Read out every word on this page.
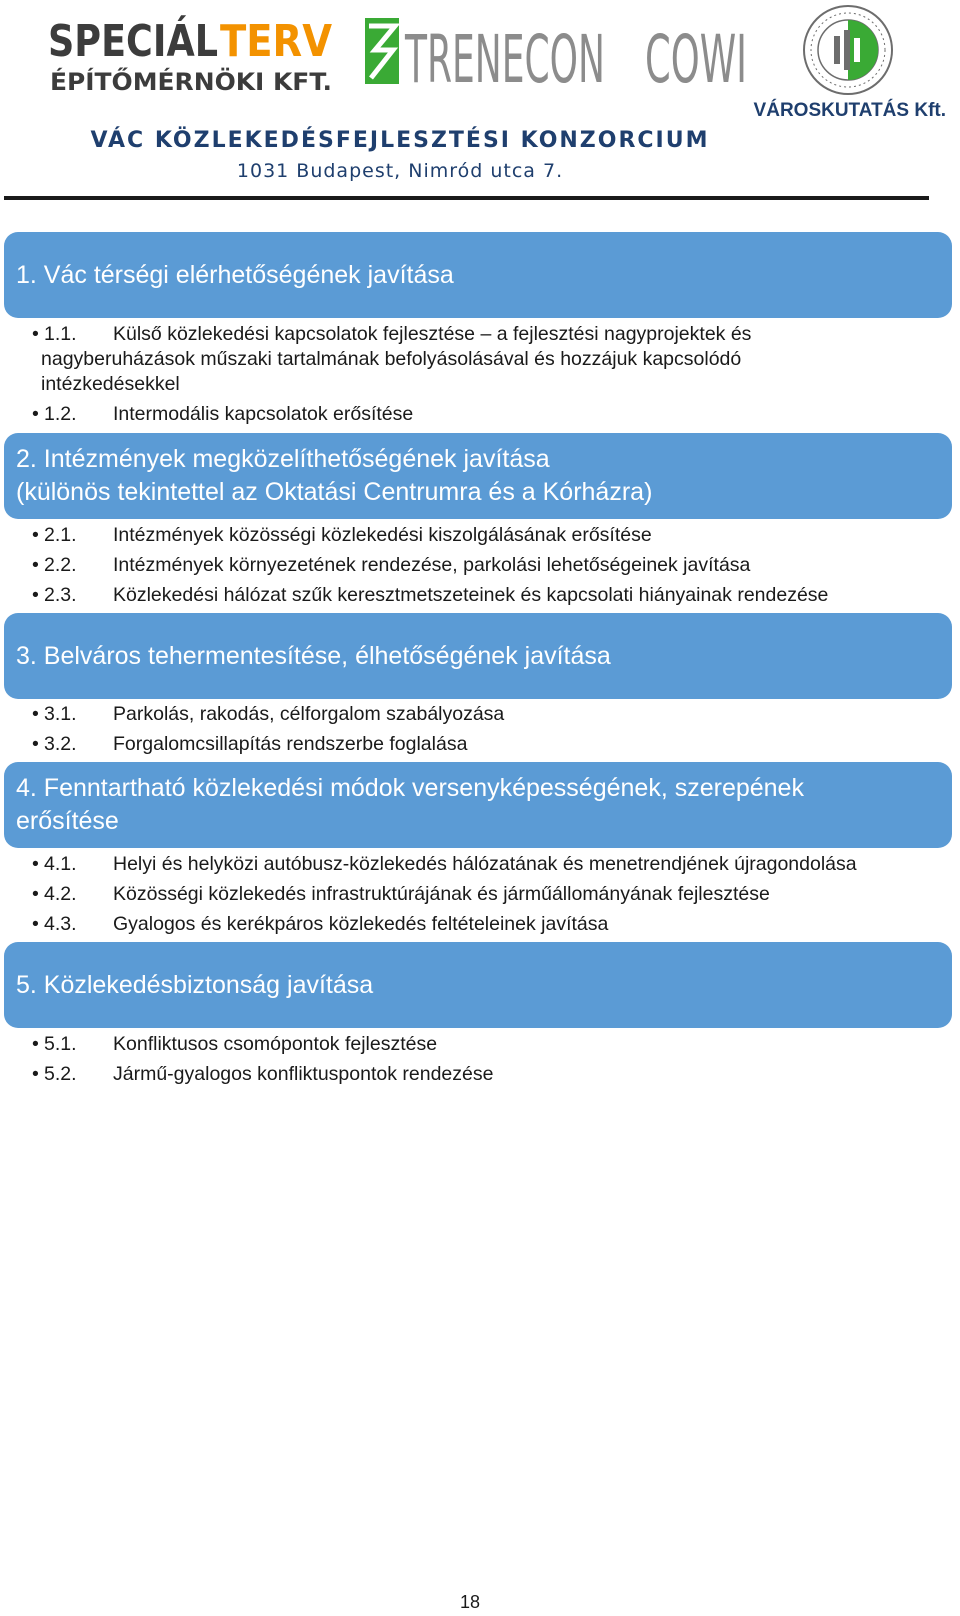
SPECIÁL
TERV
ÉPÍTŐMÉRNÖKI KFT. TRENECON COWI
VÁROSKUTATÁS Kft.
VÁC KÖZLEKEDÉSFEJLESZTÉSI KONZORCIUM
1031 Budapest, Nimród utca 7.
1. Vác térségi elérhetőségének javítása
• 1.1.	Külső közlekedési kapcsolatok fejlesztése – a fejlesztési nagyprojektek és
nagyberuházások műszaki tartalmának befolyásolásával és hozzájuk kapcsolódó
intézkedésekkel
• 1.2. Intermodális kapcsolatok erősítése
2. Intézmények megközelíthetőségének javítása
(különös tekintettel az Oktatási Centrumra és a Kórházra)
• 2.1. Intézmények közösségi közlekedési kiszolgálásának erősítése
• 2.2. Intézmények környezetének rendezése, parkolási lehetőségeinek javítása
• 2.3. Közlekedési hálózat szűk keresztmetszeteinek és kapcsolati hiányainak rendezése
3. Belváros tehermentesítése, élhetőségének javítása
• 3.1. Parkolás, rakodás, célforgalom szabályozása
• 3.2. Forgalomcsillapítás rendszerbe foglalása
4. Fenntartható közlekedési módok versenyképességének, szerepének
erősítése
• 4.1. Helyi és helyközi autóbusz-közlekedés hálózatának és menetrendjének újragondolása
• 4.2. Közösségi közlekedés infrastruktúrájának és járműállományának fejlesztése
• 4.3. Gyalogos és kerékpáros közlekedés feltételeinek javítása
5. Közlekedésbiztonság javítása
• 5.1. Konfliktusos csomópontok fejlesztése
• 5.2. Jármű-gyalogos konfliktuspontok rendezése
18
